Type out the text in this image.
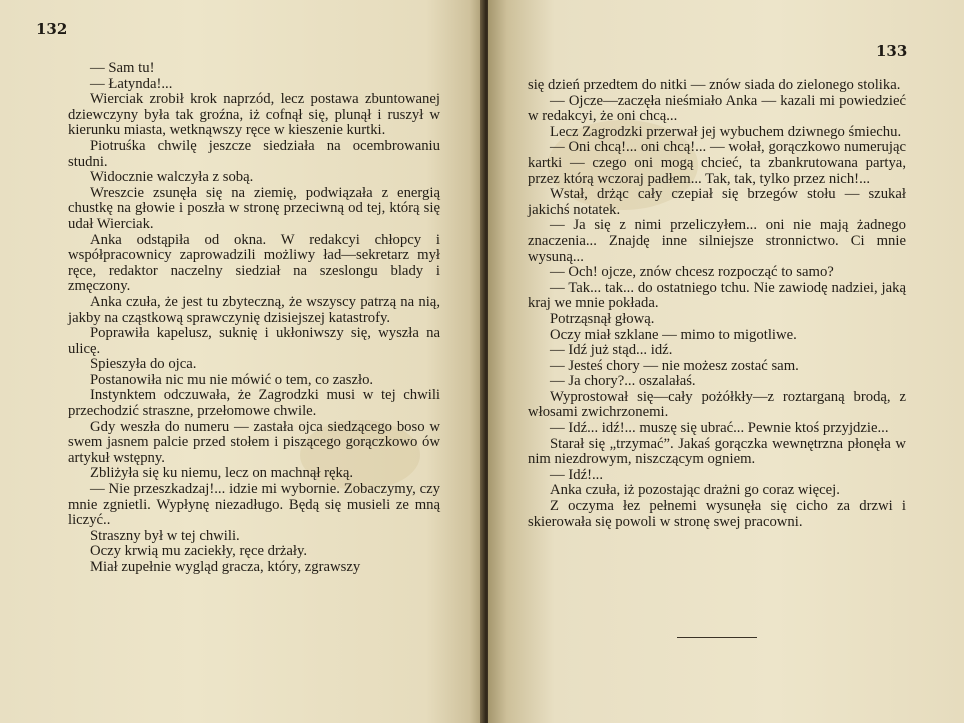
132

— Sam tu!

— Łatynda!...

Wierciak zrobił krok naprzód, lecz postawa zbuntowanej dziewczyny była tak groźna, iż cofnął się, plunął i ruszył w kierunku miasta, wetknąwszy ręce w kieszenie kurtki.

Piotruśka chwilę jeszcze siedziała na ocembrowaniu studni.

Widocznie walczyła z sobą.

Wreszcie zsunęła się na ziemię, podwiązała z energią chustkę na głowie i poszła w stronę przeciwną od tej, którą się udał Wierciak.

Anka odstąpiła od okna. W redakcyi chłopcy i współpracownicy zaprowadzili możliwy ład—sekretarz mył ręce, redaktor naczelny siedział na szeslongu blady i zmęczony.

Anka czuła, że jest tu zbyteczną, że wszyscy patrzą na nią, jakby na cząstkową sprawczynię dzisiejszej katastrofy.

Poprawiła kapelusz, suknię i ukłoniwszy się, wyszła na ulicę.

Spieszyła do ojca.

Postanowiła nic mu nie mówić o tem, co zaszło.

Instynktem odczuwała, że Zagrodzki musi w tej chwili przechodzić straszne, przełomowe chwile.

Gdy weszła do numeru — zastała ojca siedzącego boso w swem jasnem palcie przed stołem i piszącego gorączkowo ów artykuł wstępny.

Zbliżyła się ku niemu, lecz on machnął ręką.

— Nie przeszkadzaj!... idzie mi wybornie. Zobaczymy, czy mnie zgnietli. Wypłynę niezadługo. Będą się musieli ze mną liczyć..

Straszny był w tej chwili.

Oczy krwią mu zaciekły, ręce drżały.

Miał zupełnie wygląd gracza, który, zgrawszy

133

się dzień przedtem do nitki — znów siada do zielonego stolika.

— Ojcze—zaczęła nieśmiało Anka — kazali mi powiedzieć w redakcyi, że oni chcą...

Lecz Zagrodzki przerwał jej wybuchem dziwnego śmiechu.

— Oni chcą!... oni chcą!... — wołał, gorączkowo numerując kartki — czego oni mogą chcieć, ta zbankrutowana partya, przez którą wczoraj padłem... Tak, tak, tylko przez nich!...

Wstał, drżąc cały czepiał się brzegów stołu — szukał jakichś notatek.

— Ja się z nimi przeliczyłem... oni nie mają żadnego znaczenia... Znajdę inne silniejsze stronnictwo. Ci mnie wysuną...

— Och! ojcze, znów chcesz rozpocząć to samo?

— Tak... tak... do ostatniego tchu. Nie zawiodę nadziei, jaką kraj we mnie pokłada.

Potrząsnął głową.

Oczy miał szklane — mimo to migotliwe.

— Idź już stąd... idź.

— Jesteś chory — nie możesz zostać sam.

— Ja chory?... oszalałaś.

Wyprostował się—cały pożółkły—z roztarganą brodą, z włosami zwichrzonemi.

— Idź... idź!... muszę się ubrać... Pewnie ktoś przyjdzie...

Starał się „trzymać”. Jakaś gorączka wewnętrzna płonęła w nim niezdrowym, niszczącym ogniem.

— Idź!...

Anka czuła, iż pozostając drażni go coraz więcej.

Z oczyma łez pełnemi wysunęła się cicho za drzwi i skierowała się powoli w stronę swej pracowni.
